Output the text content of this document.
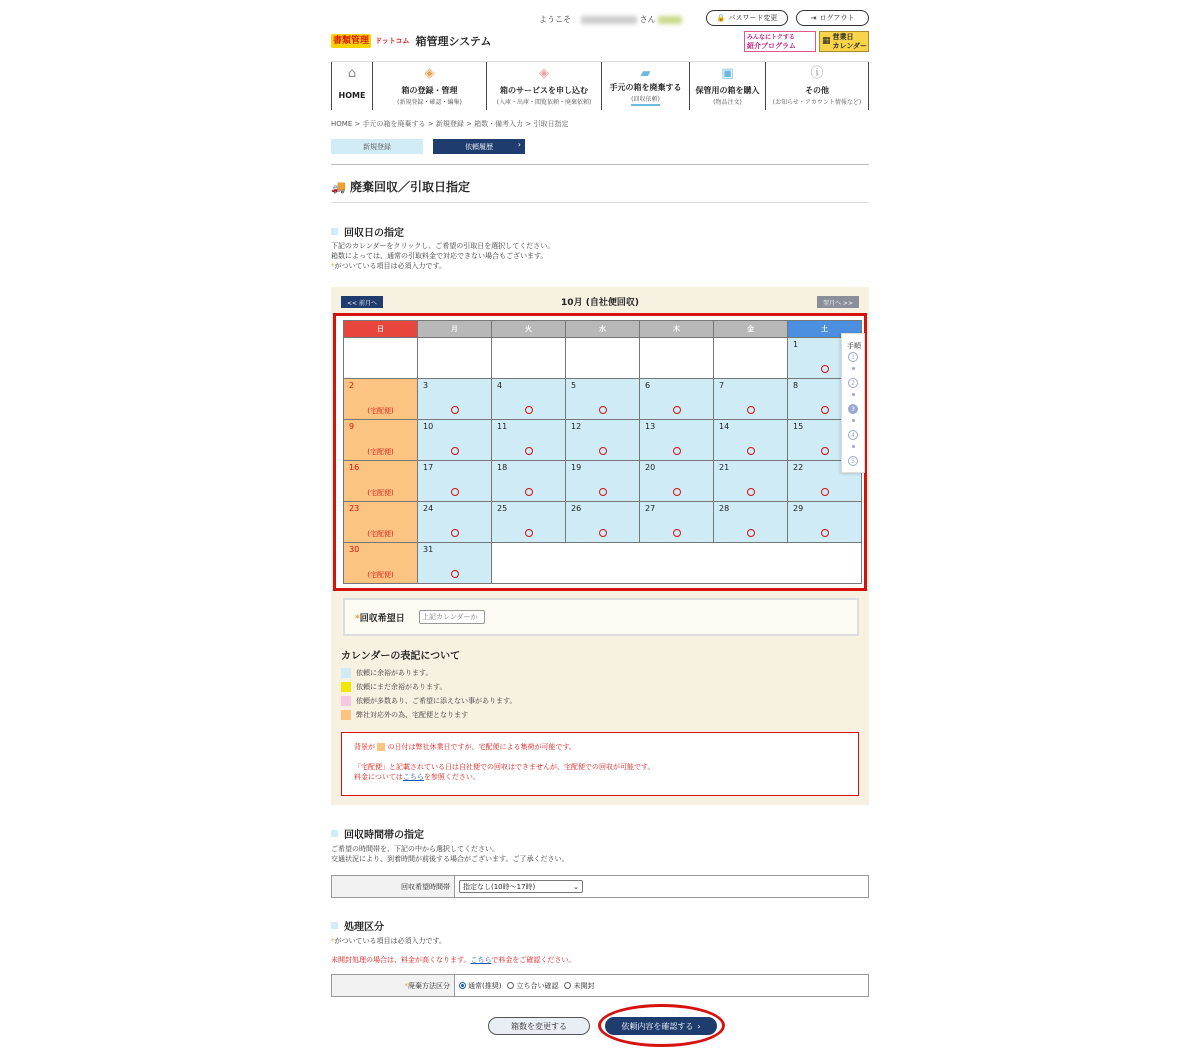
ようこそ	さん	🔒 パスワード変更	⇥ ログアウト
書類管理 ドットコム 箱管理システム	みんなにトクする
紹介プログラム	▦ 営業日
カレンダー
⌂
HOME
◈
箱の登録・管理
(新規登録・確認・編集)
◈
箱のサービスを申し込む
(入庫・出庫・閲覧依頼・廃棄依頼)
▰
手元の箱を廃棄する
(回収依頼)
▣
保管用の箱を購入
(物品注文)
ⓘ
その他
(お知らせ・アカウント情報など)
HOME > 手元の箱を廃棄する > 新規登録 > 箱数・備考入力 > 引取日指定
新規登録	依頼履歴	›
🚚 廃棄回収／引取日指定
回収日の指定
下記のカレンダーをクリックし、ご希望の引取日を選択してください。
箱数によっては、通常の引取料金で対応できない場合もございます。
*がついている項目は必須入力です。
<< 前月へ	10月 (自社便回収)	翌月へ >>
日	月	火	水	木	金	土
						1

2
(宅配便)	3	4	5	6	7	8

9
(宅配便)	10	11	12	13	14	15

16
(宅配便)	17	18	19	20	21	22

23
(宅配便)	24	25	26	27	28	29

30
(宅配便)	31				

手順
1
2
3
4
5
*回収希望日
上記カレンダーか
カレンダーの表記について
依頼に余裕があります。
依頼にまだ余裕があります。
依頼が多数あり、ご希望に添えない事があります。
弊社対応外の為、宅配便となります
背景が の日付は弊社休業日ですが、宅配便による集荷が可能です。
「宅配便」と記載されている日は自社便での回収はできませんが、宅配便での回収が可能です。
料金についてはこちらを参照ください。
回収時間帯の指定
ご希望の時間帯を、下記の中から選択してください。
交通状況により、到着時間が前後する場合がございます。ご了承ください。
回収希望時間帯	指定なし(10時～17時)	⌄
処理区分
*がついている項目は必須入力です。
未開封処理の場合は、料金が高くなります。こちらで料金をご確認ください。
* 廃棄方法区分	通常(推奨) 立ち合い確認 未開封
箱数を変更する	依頼内容を確認する ›
